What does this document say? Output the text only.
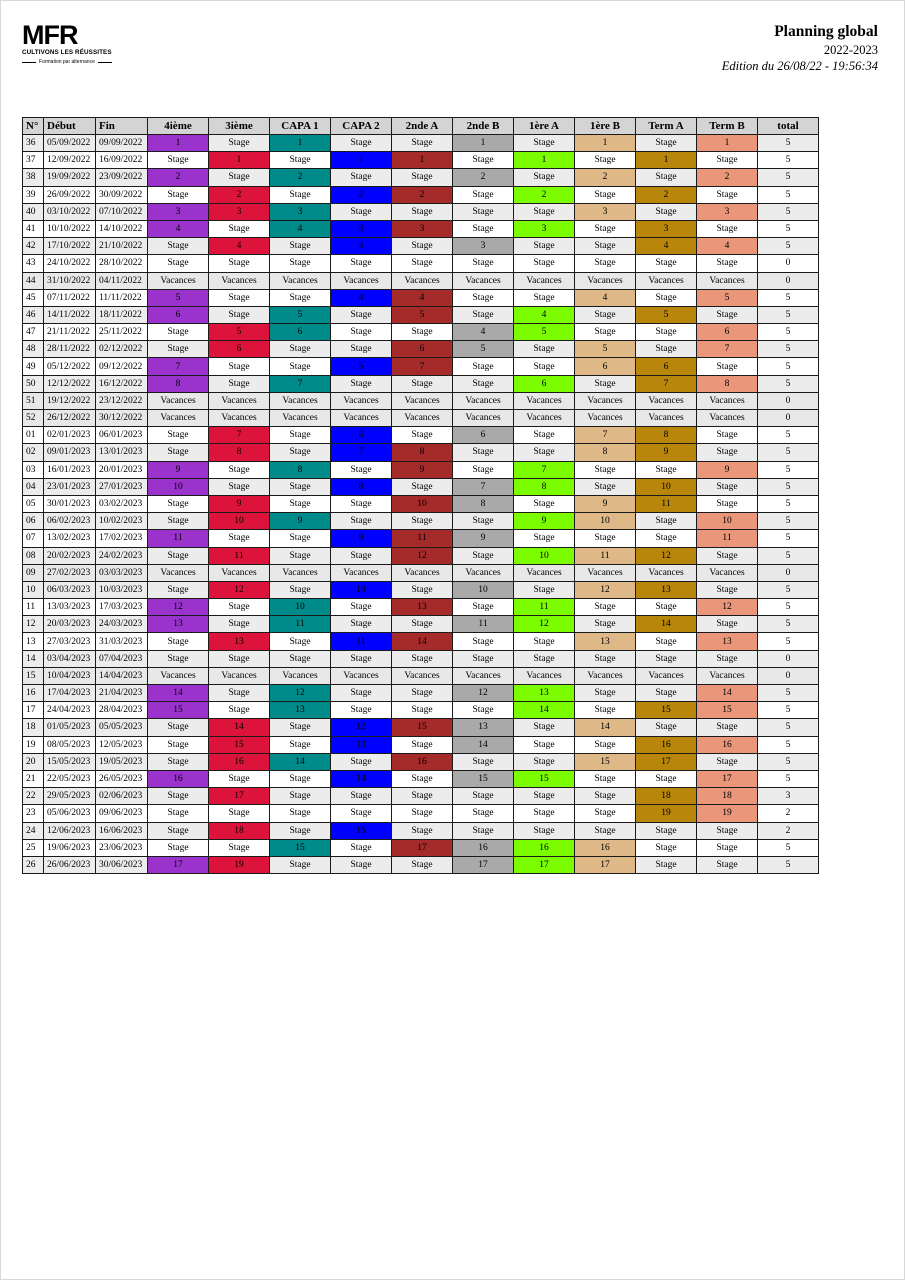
MFR
CULTIVONS LES RÉUSSITES
Formation par alternance
Planning global
2022-2023
Edition du 26/08/22 - 19:56:34
N°	Début	Fin	4ième	3ième	CAPA 1	CAPA 2	2nde A	2nde B	1ère A	1ère B	Term A	Term B	total
36	05/09/2022	09/09/2022	1	Stage	1	Stage	Stage	1	Stage	1	Stage	1	5
37	12/09/2022	16/09/2022	Stage	1	Stage	1	1	Stage	1	Stage	1	Stage	5
38	19/09/2022	23/09/2022	2	Stage	2	Stage	Stage	2	Stage	2	Stage	2	5
39	26/09/2022	30/09/2022	Stage	2	Stage	2	2	Stage	2	Stage	2	Stage	5
40	03/10/2022	07/10/2022	3	3	3	Stage	Stage	Stage	Stage	3	Stage	3	5
41	10/10/2022	14/10/2022	4	Stage	4	3	3	Stage	3	Stage	3	Stage	5
42	17/10/2022	21/10/2022	Stage	4	Stage	4	Stage	3	Stage	Stage	4	4	5
43	24/10/2022	28/10/2022	Stage	Stage	Stage	Stage	Stage	Stage	Stage	Stage	Stage	Stage	0
44	31/10/2022	04/11/2022	Vacances	Vacances	Vacances	Vacances	Vacances	Vacances	Vacances	Vacances	Vacances	Vacances	0
45	07/11/2022	11/11/2022	5	Stage	Stage	4	4	Stage	Stage	4	Stage	5	5
46	14/11/2022	18/11/2022	6	Stage	5	Stage	5	Stage	4	Stage	5	Stage	5
47	21/11/2022	25/11/2022	Stage	5	6	Stage	Stage	4	5	Stage	Stage	6	5
48	28/11/2022	02/12/2022	Stage	6	Stage	Stage	6	5	Stage	5	Stage	7	5
49	05/12/2022	09/12/2022	7	Stage	Stage	5	7	Stage	Stage	6	6	Stage	5
50	12/12/2022	16/12/2022	8	Stage	7	Stage	Stage	Stage	6	Stage	7	8	5
51	19/12/2022	23/12/2022	Vacances	Vacances	Vacances	Vacances	Vacances	Vacances	Vacances	Vacances	Vacances	Vacances	0
52	26/12/2022	30/12/2022	Vacances	Vacances	Vacances	Vacances	Vacances	Vacances	Vacances	Vacances	Vacances	Vacances	0
01	02/01/2023	06/01/2023	Stage	7	Stage	6	Stage	6	Stage	7	8	Stage	5
02	09/01/2023	13/01/2023	Stage	8	Stage	7	8	Stage	Stage	8	9	Stage	5
03	16/01/2023	20/01/2023	9	Stage	8	Stage	9	Stage	7	Stage	Stage	9	5
04	23/01/2023	27/01/2023	10	Stage	Stage	8	Stage	7	8	Stage	10	Stage	5
05	30/01/2023	03/02/2023	Stage	9	Stage	Stage	10	8	Stage	9	11	Stage	5
06	06/02/2023	10/02/2023	Stage	10	9	Stage	Stage	Stage	9	10	Stage	10	5
07	13/02/2023	17/02/2023	11	Stage	Stage	9	11	9	Stage	Stage	Stage	11	5
08	20/02/2023	24/02/2023	Stage	11	Stage	Stage	12	Stage	10	11	12	Stage	5
09	27/02/2023	03/03/2023	Vacances	Vacances	Vacances	Vacances	Vacances	Vacances	Vacances	Vacances	Vacances	Vacances	0
10	06/03/2023	10/03/2023	Stage	12	Stage	10	Stage	10	Stage	12	13	Stage	5
11	13/03/2023	17/03/2023	12	Stage	10	Stage	13	Stage	11	Stage	Stage	12	5
12	20/03/2023	24/03/2023	13	Stage	11	Stage	Stage	11	12	Stage	14	Stage	5
13	27/03/2023	31/03/2023	Stage	13	Stage	11	14	Stage	Stage	13	Stage	13	5
14	03/04/2023	07/04/2023	Stage	Stage	Stage	Stage	Stage	Stage	Stage	Stage	Stage	Stage	0
15	10/04/2023	14/04/2023	Vacances	Vacances	Vacances	Vacances	Vacances	Vacances	Vacances	Vacances	Vacances	Vacances	0
16	17/04/2023	21/04/2023	14	Stage	12	Stage	Stage	12	13	Stage	Stage	14	5
17	24/04/2023	28/04/2023	15	Stage	13	Stage	Stage	Stage	14	Stage	15	15	5
18	01/05/2023	05/05/2023	Stage	14	Stage	12	15	13	Stage	14	Stage	Stage	5
19	08/05/2023	12/05/2023	Stage	15	Stage	13	Stage	14	Stage	Stage	16	16	5
20	15/05/2023	19/05/2023	Stage	16	14	Stage	16	Stage	Stage	15	17	Stage	5
21	22/05/2023	26/05/2023	16	Stage	Stage	14	Stage	15	15	Stage	Stage	17	5
22	29/05/2023	02/06/2023	Stage	17	Stage	Stage	Stage	Stage	Stage	Stage	18	18	3
23	05/06/2023	09/06/2023	Stage	Stage	Stage	Stage	Stage	Stage	Stage	Stage	19	19	2
24	12/06/2023	16/06/2023	Stage	18	Stage	15	Stage	Stage	Stage	Stage	Stage	Stage	2
25	19/06/2023	23/06/2023	Stage	Stage	15	Stage	17	16	16	16	Stage	Stage	5
26	26/06/2023	30/06/2023	17	19	Stage	Stage	Stage	17	17	17	Stage	Stage	5
